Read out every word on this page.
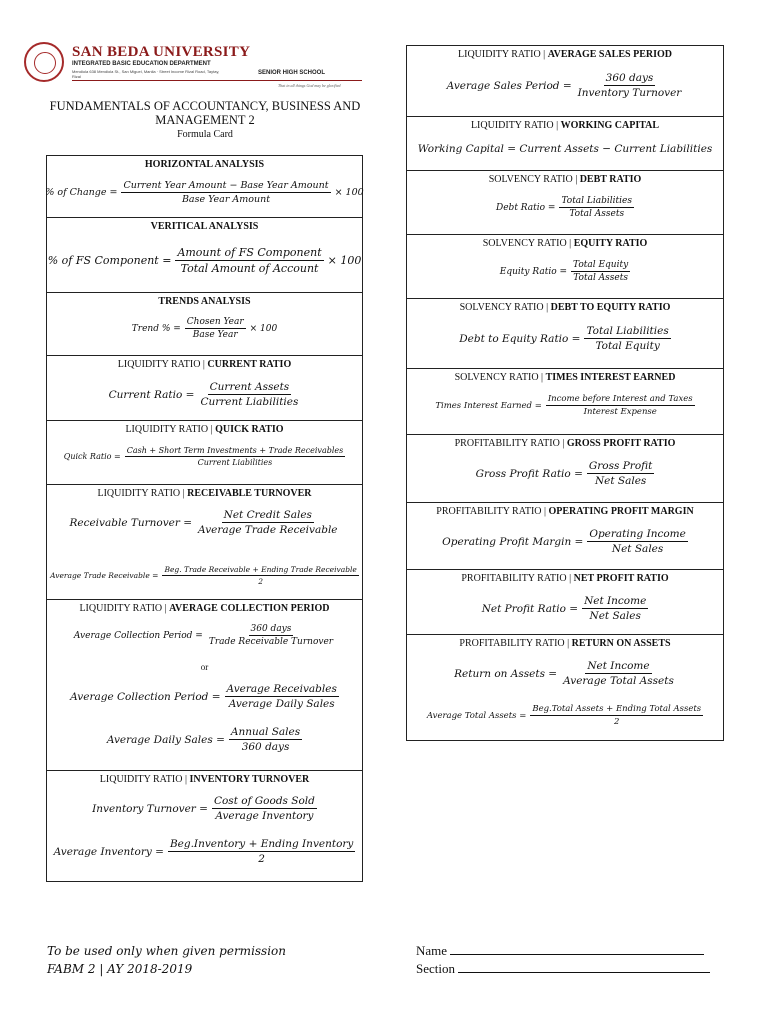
SAN BEDA UNIVERSITY
INTEGRATED BASIC EDUCATION DEPARTMENT
Mendiola 638 Mendiola St., San Miguel, Manila · Street Income Rizal Road, Taytay, Rizal
SENIOR HIGH SCHOOL
That in all things God may be glorified
FUNDAMENTALS OF ACCOUNTANCY, BUSINESS AND MANAGEMENT 2
Formula Card
HORIZONTAL ANALYSIS
% of Change = $\frac{\text{Current Year Amount − Base Year Amount}}{\text{Base Year Amount}} \times 100$
VERITICAL ANALYSIS
% of FS Component = $\frac{\text{Amount of FS Component}}{\text{Total Amount of Account}} \times 100$
TRENDS ANALYSIS
Trend % = $\frac{\text{Chosen Year}}{\text{Base Year}} \times 100$
LIQUIDITY RATIO | CURRENT RATIO
Current Ratio = $\frac{\text{Current Assets}}{\text{Current Liabilities}}$
LIQUIDITY RATIO | QUICK RATIO
Quick Ratio = $\frac{\text{Cash + Short Term Investments + Trade Receivables}}{\text{Current Liabilities}}$
LIQUIDITY RATIO | RECEIVABLE TURNOVER
Receivable Turnover = $\frac{\text{Net Credit Sales}}{\text{Average Trade Receivable}}$
Average Trade Receivable = $\frac{\text{Beg. Trade Receivable + Ending Trade Receivable}}{2}$
LIQUIDITY RATIO | AVERAGE COLLECTION PERIOD
Average Collection Period = $\frac{\text{360 days}}{\text{Trade Receivable Turnover}}$
or
Average Collection Period = $\frac{\text{Average Receivables}}{\text{Average Daily Sales}}$
Average Daily Sales = $\frac{\text{Annual Sales}}{\text{360 days}}$
LIQUIDITY RATIO | INVENTORY TURNOVER
Inventory Turnover = $\frac{\text{Cost of Goods Sold}}{\text{Average Inventory}}$
Average Inventory = $\frac{\text{Beg.Inventory + Ending Inventory}}{2}$
LIQUIDITY RATIO | AVERAGE SALES PERIOD
Average Sales Period = $\frac{\text{360 days}}{\text{Inventory Turnover}}$
LIQUIDITY RATIO | WORKING CAPITAL
Working Capital = Current Assets − Current Liabilities
SOLVENCY RATIO | DEBT RATIO
Debt Ratio = $\frac{\text{Total Liabilities}}{\text{Total Assets}}$
SOLVENCY RATIO | EQUITY RATIO
Equity Ratio = $\frac{\text{Total Equity}}{\text{Total Assets}}$
SOLVENCY RATIO | DEBT TO EQUITY RATIO
Debt to Equity Ratio = $\frac{\text{Total Liabilities}}{\text{Total Equity}}$
SOLVENCY RATIO | TIMES INTEREST EARNED
Times Interest Earned = $\frac{\text{Income before Interest and Taxes}}{\text{Interest Expense}}$
PROFITABILITY RATIO | GROSS PROFIT RATIO
Gross Profit Ratio = $\frac{\text{Gross Profit}}{\text{Net Sales}}$
PROFITABILITY RATIO | OPERATING PROFIT MARGIN
Operating Profit Margin = $\frac{\text{Operating Income}}{\text{Net Sales}}$
PROFITABILITY RATIO | NET PROFIT RATIO
Net Profit Ratio = $\frac{\text{Net Income}}{\text{Net Sales}}$
PROFITABILITY RATIO | RETURN ON ASSETS
Return on Assets = $\frac{\text{Net Income}}{\text{Average Total Assets}}$
Average Total Assets = $\frac{\text{Beg.Total Assets + Ending Total Assets}}{2}$
To be used only when given permission
FABM 2 | AY 2018-2019
Name
Section
